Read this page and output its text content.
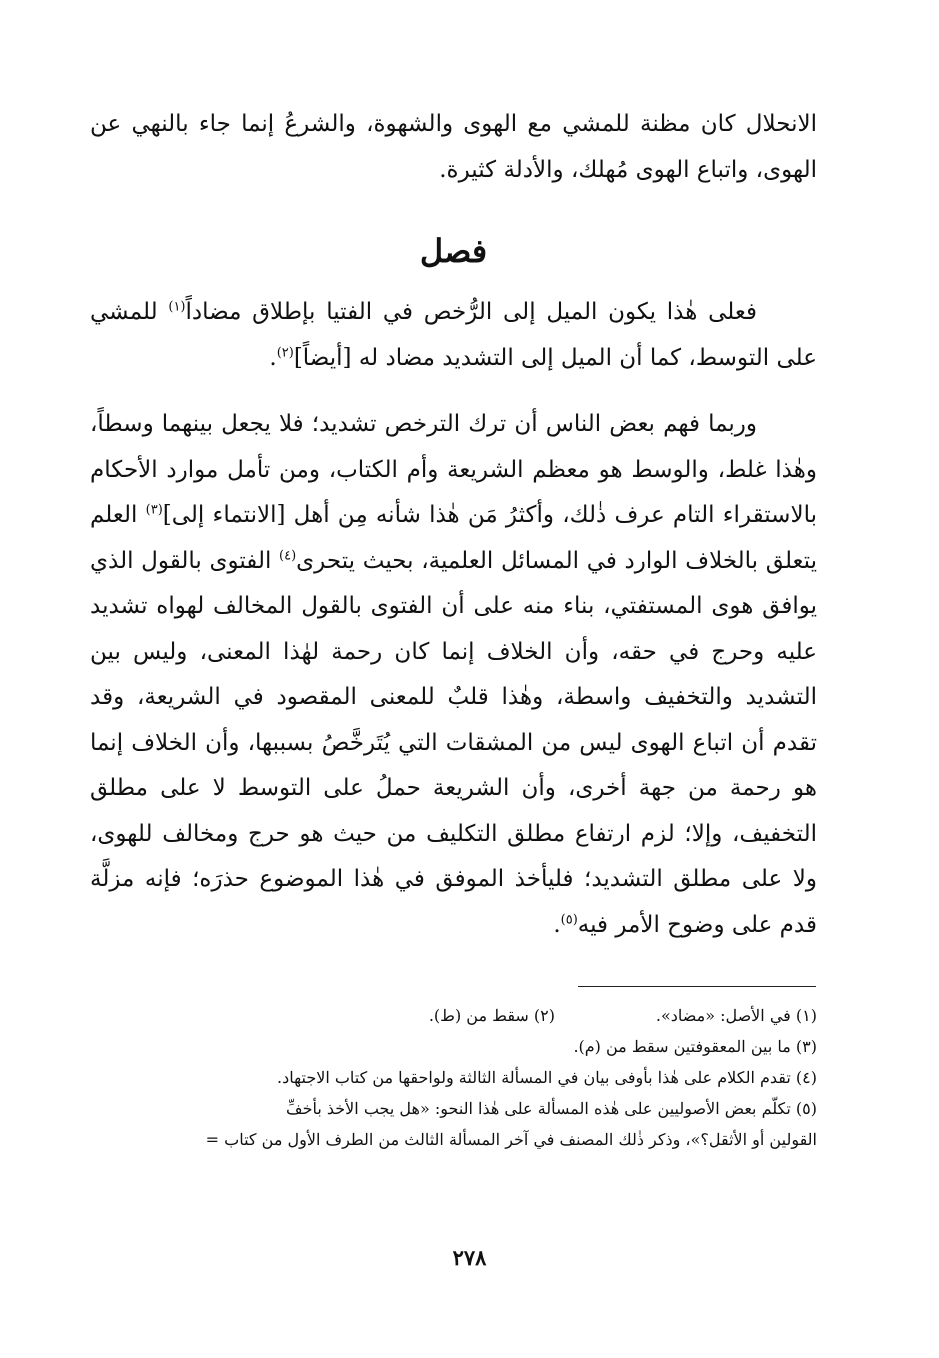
الانحلال كان مظنة للمشي مع الهوى والشهوة، والشرعُ إنما جاء بالنهي عن الهوى، واتباع الهوى مُهلك، والأدلة كثيرة.
فصل
فعلى هٰذا يكون الميل إلى الرُّخص في الفتيا بإطلاق مضاداً$^{(١)}$ للمشي على التوسط، كما أن الميل إلى التشديد مضاد له [أيضاً]$^{(٢)}$.
وربما فهم بعض الناس أن ترك الترخص تشديد؛ فلا يجعل بينهما وسطاً، وهٰذا غلط، والوسط هو معظم الشريعة وأم الكتاب، ومن تأمل موارد الأحكام بالاستقراء التام عرف ذٰلك، وأكثرُ مَن هٰذا شأنه مِن أهل [الانتماء إلى]$^{(٣)}$ العلم يتعلق بالخلاف الوارد في المسائل العلمية، بحيث يتحرى$^{(٤)}$ الفتوى بالقول الذي يوافق هوى المستفتي، بناء منه على أن الفتوى بالقول المخالف لهواه تشديد عليه وحرج في حقه، وأن الخلاف إنما كان رحمة لهٰذا المعنى، وليس بين التشديد والتخفيف واسطة، وهٰذا قلبٌ للمعنى المقصود في الشريعة، وقد تقدم أن اتباع الهوى ليس من المشقات التي يُتَرخَّصُ بسببها، وأن الخلاف إنما هو رحمة من جهة أخرى، وأن الشريعة حملُ على التوسط لا على مطلق التخفيف، وإلا؛ لزم ارتفاع مطلق التكليف من حيث هو حرج ومخالف للهوى، ولا على مطلق التشديد؛ فليأخذ الموفق في هٰذا الموضوع حذرَه؛ فإنه مزلَّة قدم على وضوح الأمر فيه$^{(٥)}$.
(١) في الأصل: «مضاد».
(٢) سقط من (ط).
(٣) ما بين المعقوفتين سقط من (م).
(٤) تقدم الكلام على هٰذا بأوفى بيان في المسألة الثالثة ولواحقها من كتاب الاجتهاد.
(٥) تكلّم بعض الأصوليين على هٰذه المسألة على هٰذا النحو: «هل يجب الأخذ بأخفِّ
القولين أو الأثقل؟»، وذكر ذٰلك المصنف في آخر المسألة الثالث من الطرف الأول من كتاب =
٢٧٨
